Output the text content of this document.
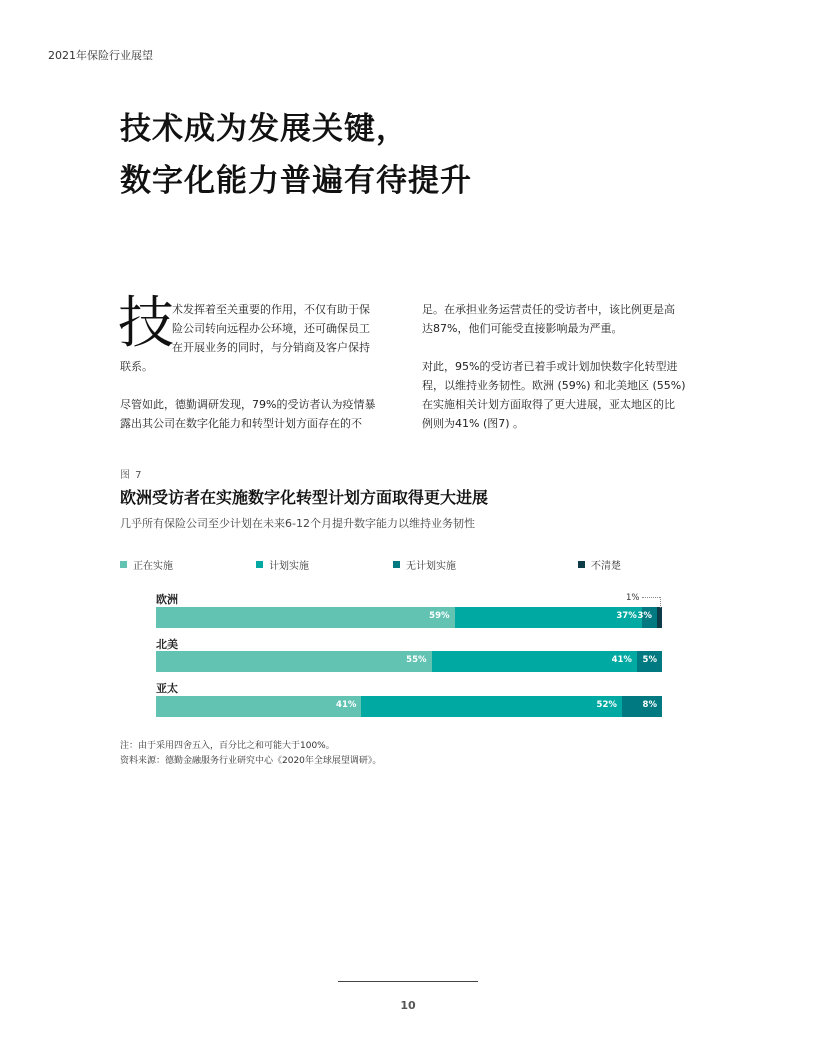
2021年保险行业展望
技术成为发展关键，
数字化能力普遍有待提升
技
术发挥着至关重要的作用，不仅有助于保
险公司转向远程办公环境，还可确保员工
在开展业务的同时，与分销商及客户保持
联系。
尽管如此，德勤调研发现，79%的受访者认为疫情暴
露出其公司在数字化能力和转型计划方面存在的不
足。在承担业务运营责任的受访者中，该比例更是高
达87%，他们可能受直接影响最为严重。
对此，95%的受访者已着手或计划加快数字化转型进
程，以维持业务韧性。欧洲 (59%) 和北美地区 (55%)
在实施相关计划方面取得了更大进展，亚太地区的比
例则为41% (图7) 。
图 7
欧洲受访者在实施数字化转型计划方面取得更大进展
几乎所有保险公司至少计划在未来6-12个月提升数字能力以维持业务韧性
正在实施	计划实施	无计划实施	不清楚
欧洲
59%	37% 3%
北美
55%	41% 5%
亚太
41%	52%	8%
1%
注：由于采用四舍五入，百分比之和可能大于100%。
资料来源：德勤金融服务行业研究中心《2020年全球展望调研》。
10
